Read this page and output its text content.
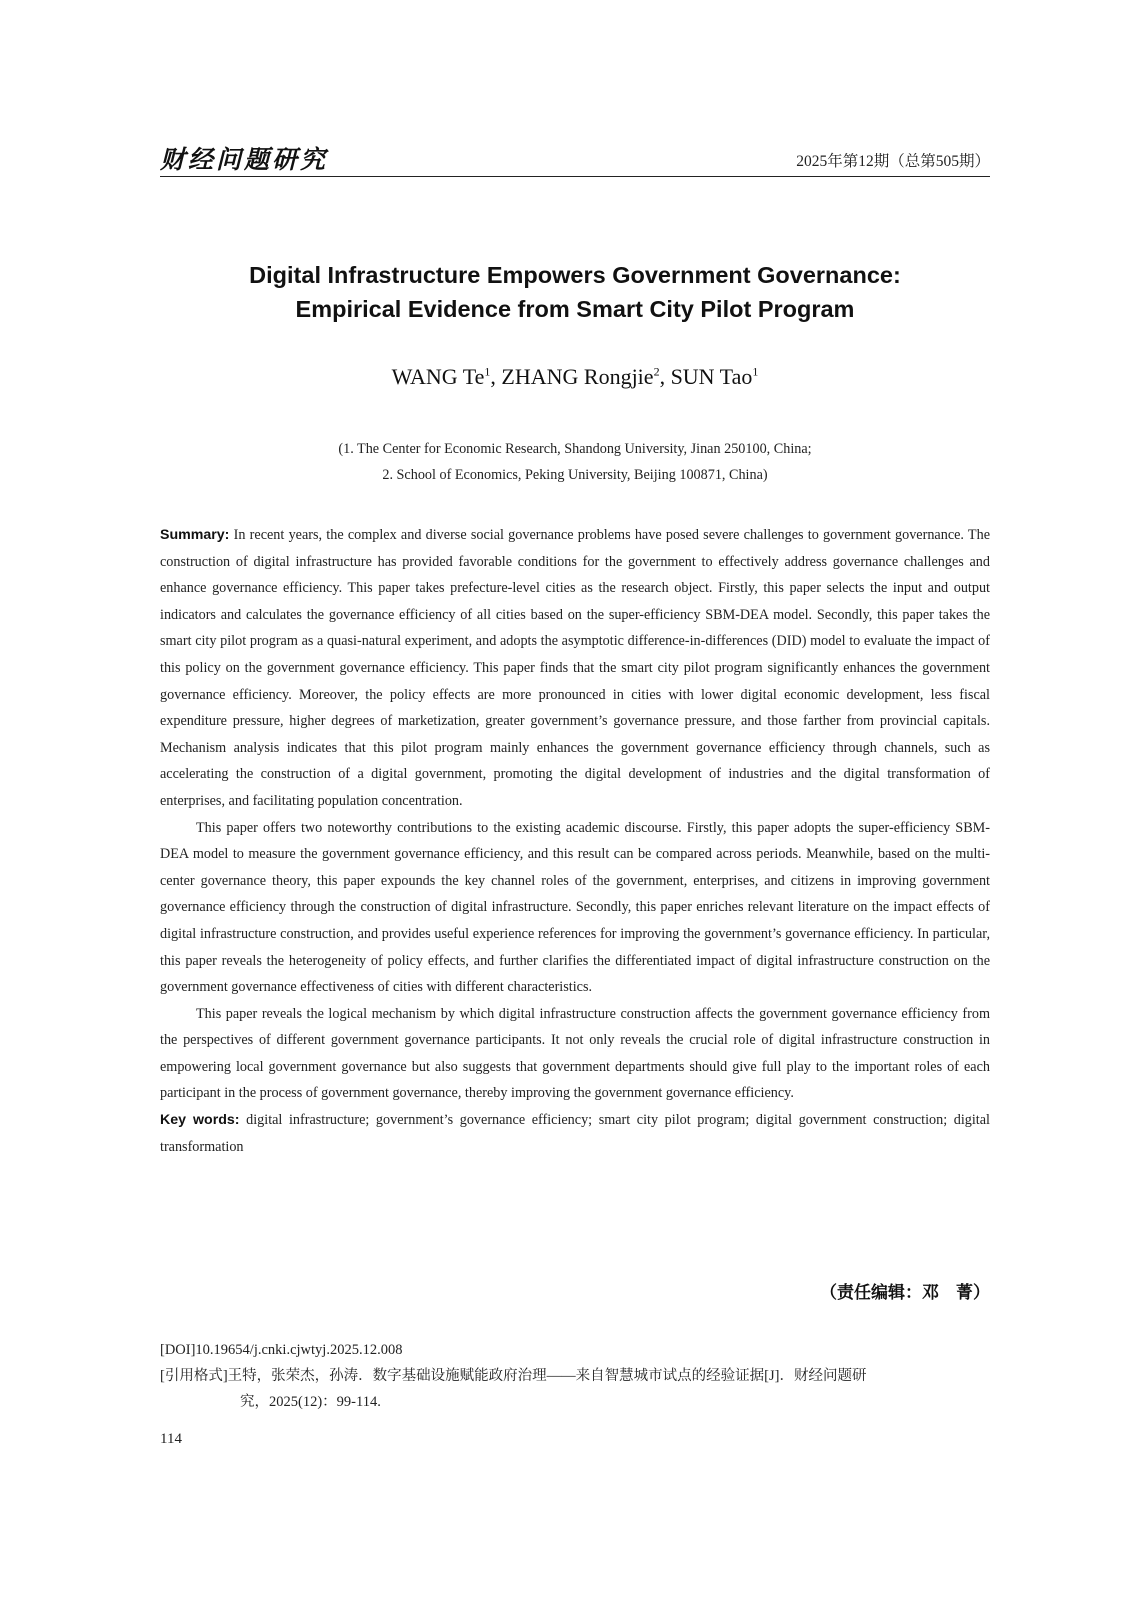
财经问题研究	2025年第12期（总第505期）
Digital Infrastructure Empowers Government Governance:
Empirical Evidence from Smart City Pilot Program
WANG Te$^1$, ZHANG Rongjie$^2$, SUN Tao$^1$
(1. The Center for Economic Research, Shandong University, Jinan 250100, China;
2. School of Economics, Peking University, Beijing 100871, China)

Summary: In recent years, the complex and diverse social governance problems have posed severe challenges to government governance. The construction of digital infrastructure has provided favorable conditions for the government to effectively address governance challenges and enhance governance efficiency. This paper takes prefecture-level cities as the research object. Firstly, this paper selects the input and output indicators and calculates the governance efficiency of all cities based on the super-efficiency SBM-DEA model. Secondly, this paper takes the smart city pilot program as a quasi-natural experiment, and adopts the asymptotic difference-in-differences (DID) model to evaluate the impact of this policy on the government governance efficiency. This paper finds that the smart city pilot program significantly enhances the government governance efficiency. Moreover, the policy effects are more pronounced in cities with lower digital economic development, less fiscal expenditure pressure, higher degrees of marketization, greater government’s governance pressure, and those farther from provincial capitals. Mechanism analysis indicates that this pilot program mainly enhances the government governance efficiency through channels, such as accelerating the construction of a digital government, promoting the digital development of industries and the digital transformation of enterprises, and facilitating population concentration.

This paper offers two noteworthy contributions to the existing academic discourse. Firstly, this paper adopts the super-efficiency SBM-DEA model to measure the government governance efficiency, and this result can be compared across periods. Meanwhile, based on the multi-center governance theory, this paper expounds the key channel roles of the government, enterprises, and citizens in improving government governance efficiency through the construction of digital infrastructure. Secondly, this paper enriches relevant literature on the impact effects of digital infrastructure construction, and provides useful experience references for improving the government’s governance efficiency. In particular, this paper reveals the heterogeneity of policy effects, and further clarifies the differentiated impact of digital infrastructure construction on the government governance effectiveness of cities with different characteristics.

This paper reveals the logical mechanism by which digital infrastructure construction affects the government governance efficiency from the perspectives of different government governance participants. It not only reveals the crucial role of digital infrastructure construction in empowering local government governance but also suggests that government departments should give full play to the important roles of each participant in the process of government governance, thereby improving the government governance efficiency.

Key words: digital infrastructure; government’s governance efficiency; smart city pilot program; digital government construction; digital transformation

（责任编辑：邓　菁）
[DOI]10.19654/j.cnki.cjwtyj.2025.12.008
[引用格式]王特，张荣杰，孙涛．数字基础设施赋能政府治理——来自智慧城市试点的经验证据[J]．财经问题研
究，2025(12)：99-114.
114
